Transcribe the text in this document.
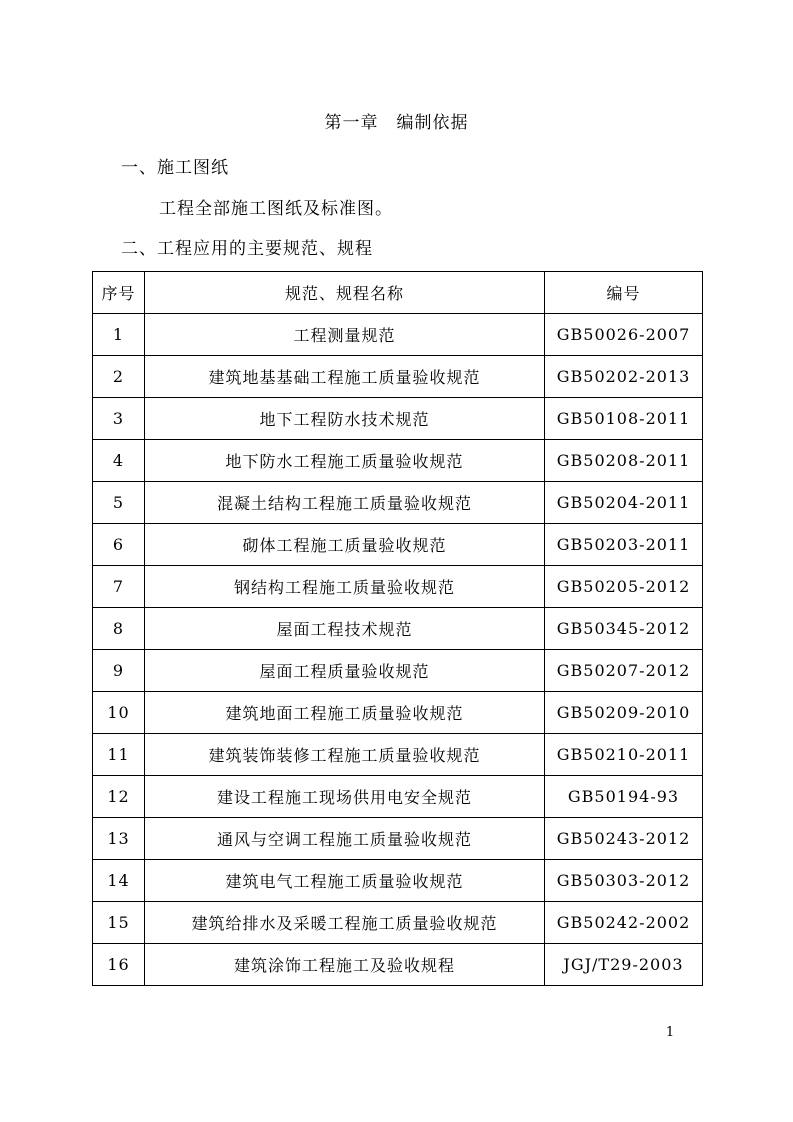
第一章　编制依据
一、施工图纸
工程全部施工图纸及标准图。
二、工程应用的主要规范、规程
序号	规范、规程名称	编号
1	工程测量规范	GB50026-2007
2	建筑地基基础工程施工质量验收规范	GB50202-2013
3	地下工程防水技术规范	GB50108-2011
4	地下防水工程施工质量验收规范	GB50208-2011
5	混凝土结构工程施工质量验收规范	GB50204-2011
6	砌体工程施工质量验收规范	GB50203-2011
7	钢结构工程施工质量验收规范	GB50205-2012
8	屋面工程技术规范	GB50345-2012
9	屋面工程质量验收规范	GB50207-2012
10	建筑地面工程施工质量验收规范	GB50209-2010
11	建筑装饰装修工程施工质量验收规范	GB50210-2011
12	建设工程施工现场供用电安全规范	GB50194-93
13	通风与空调工程施工质量验收规范	GB50243-2012
14	建筑电气工程施工质量验收规范	GB50303-2012
15	建筑给排水及采暖工程施工质量验收规范	GB50242-2002
16	建筑涂饰工程施工及验收规程	JGJ/T29-2003
1
